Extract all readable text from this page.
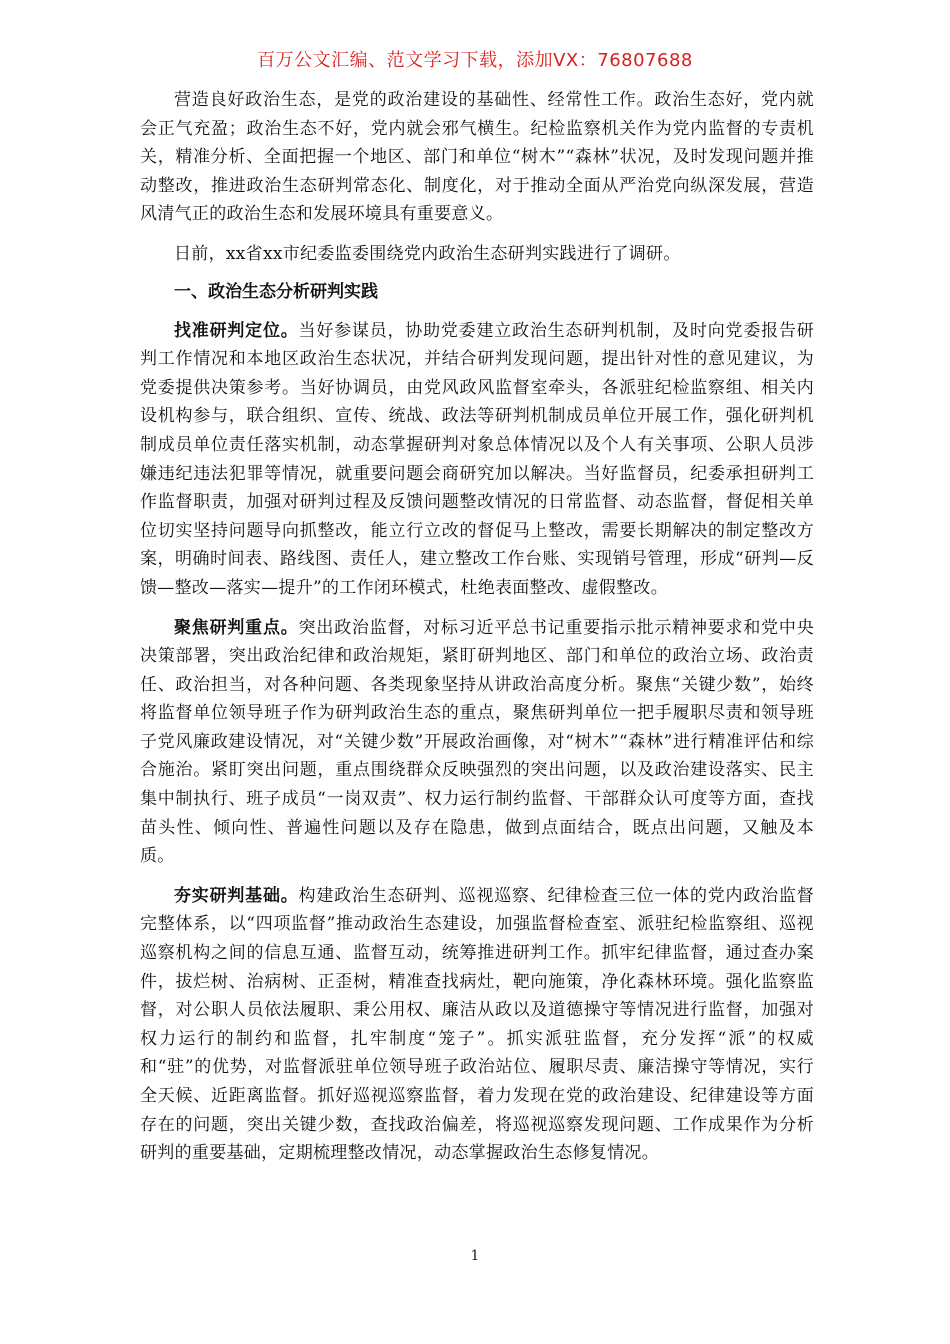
百万公文汇编、范文学习下载，添加VX：76807688

营造良好政治生态，是党的政治建设的基础性、经常性工作。政治生态好，党内就会正气充盈；政治生态不好，党内就会邪气横生。纪检监察机关作为党内监督的专责机关，精准分析、全面把握一个地区、部门和单位“树木”“森林”状况，及时发现问题并推动整改，推进政治生态研判常态化、制度化，对于推动全面从严治党向纵深发展，营造风清气正的政治生态和发展环境具有重要意义。

日前，xx省xx市纪委监委围绕党内政治生态研判实践进行了调研。

一、政治生态分析研判实践

找准研判定位。当好参谋员，协助党委建立政治生态研判机制，及时向党委报告研判工作情况和本地区政治生态状况，并结合研判发现问题，提出针对性的意见建议，为党委提供决策参考。当好协调员，由党风政风监督室牵头，各派驻纪检监察组、相关内设机构参与，联合组织、宣传、统战、政法等研判机制成员单位开展工作，强化研判机制成员单位责任落实机制，动态掌握研判对象总体情况以及个人有关事项、公职人员涉嫌违纪违法犯罪等情况，就重要问题会商研究加以解决。当好监督员，纪委承担研判工作监督职责，加强对研判过程及反馈问题整改情况的日常监督、动态监督，督促相关单位切实坚持问题导向抓整改，能立行立改的督促马上整改，需要长期解决的制定整改方案，明确时间表、路线图、责任人，建立整改工作台账、实现销号管理，形成“研判—反馈—整改—落实—提升”的工作闭环模式，杜绝表面整改、虚假整改。

聚焦研判重点。突出政治监督，对标习近平总书记重要指示批示精神要求和党中央决策部署，突出政治纪律和政治规矩，紧盯研判地区、部门和单位的政治立场、政治责任、政治担当，对各种问题、各类现象坚持从讲政治高度分析。聚焦“关键少数”，始终将监督单位领导班子作为研判政治生态的重点，聚焦研判单位一把手履职尽责和领导班子党风廉政建设情况，对“关键少数”开展政治画像，对“树木”“森林”进行精准评估和综合施治。紧盯突出问题，重点围绕群众反映强烈的突出问题，以及政治建设落实、民主集中制执行、班子成员“一岗双责”、权力运行制约监督、干部群众认可度等方面，查找苗头性、倾向性、普遍性问题以及存在隐患，做到点面结合，既点出问题，又触及本质。

夯实研判基础。构建政治生态研判、巡视巡察、纪律检查三位一体的党内政治监督完整体系，以“四项监督”推动政治生态建设，加强监督检查室、派驻纪检监察组、巡视巡察机构之间的信息互通、监督互动，统筹推进研判工作。抓牢纪律监督，通过查办案件，拔烂树、治病树、正歪树，精准查找病灶，靶向施策，净化森林环境。强化监察监督，对公职人员依法履职、秉公用权、廉洁从政以及道德操守等情况进行监督，加强对权力运行的制约和监督，扎牢制度“笼子”。抓实派驻监督，充分发挥“派”的权威和“驻”的优势，对监督派驻单位领导班子政治站位、履职尽责、廉洁操守等情况，实行全天候、近距离监督。抓好巡视巡察监督，着力发现在党的政治建设、纪律建设等方面存在的问题，突出关键少数，查找政治偏差，将巡视巡察发现问题、工作成果作为分析研判的重要基础，定期梳理整改情况，动态掌握政治生态修复情况。

1
